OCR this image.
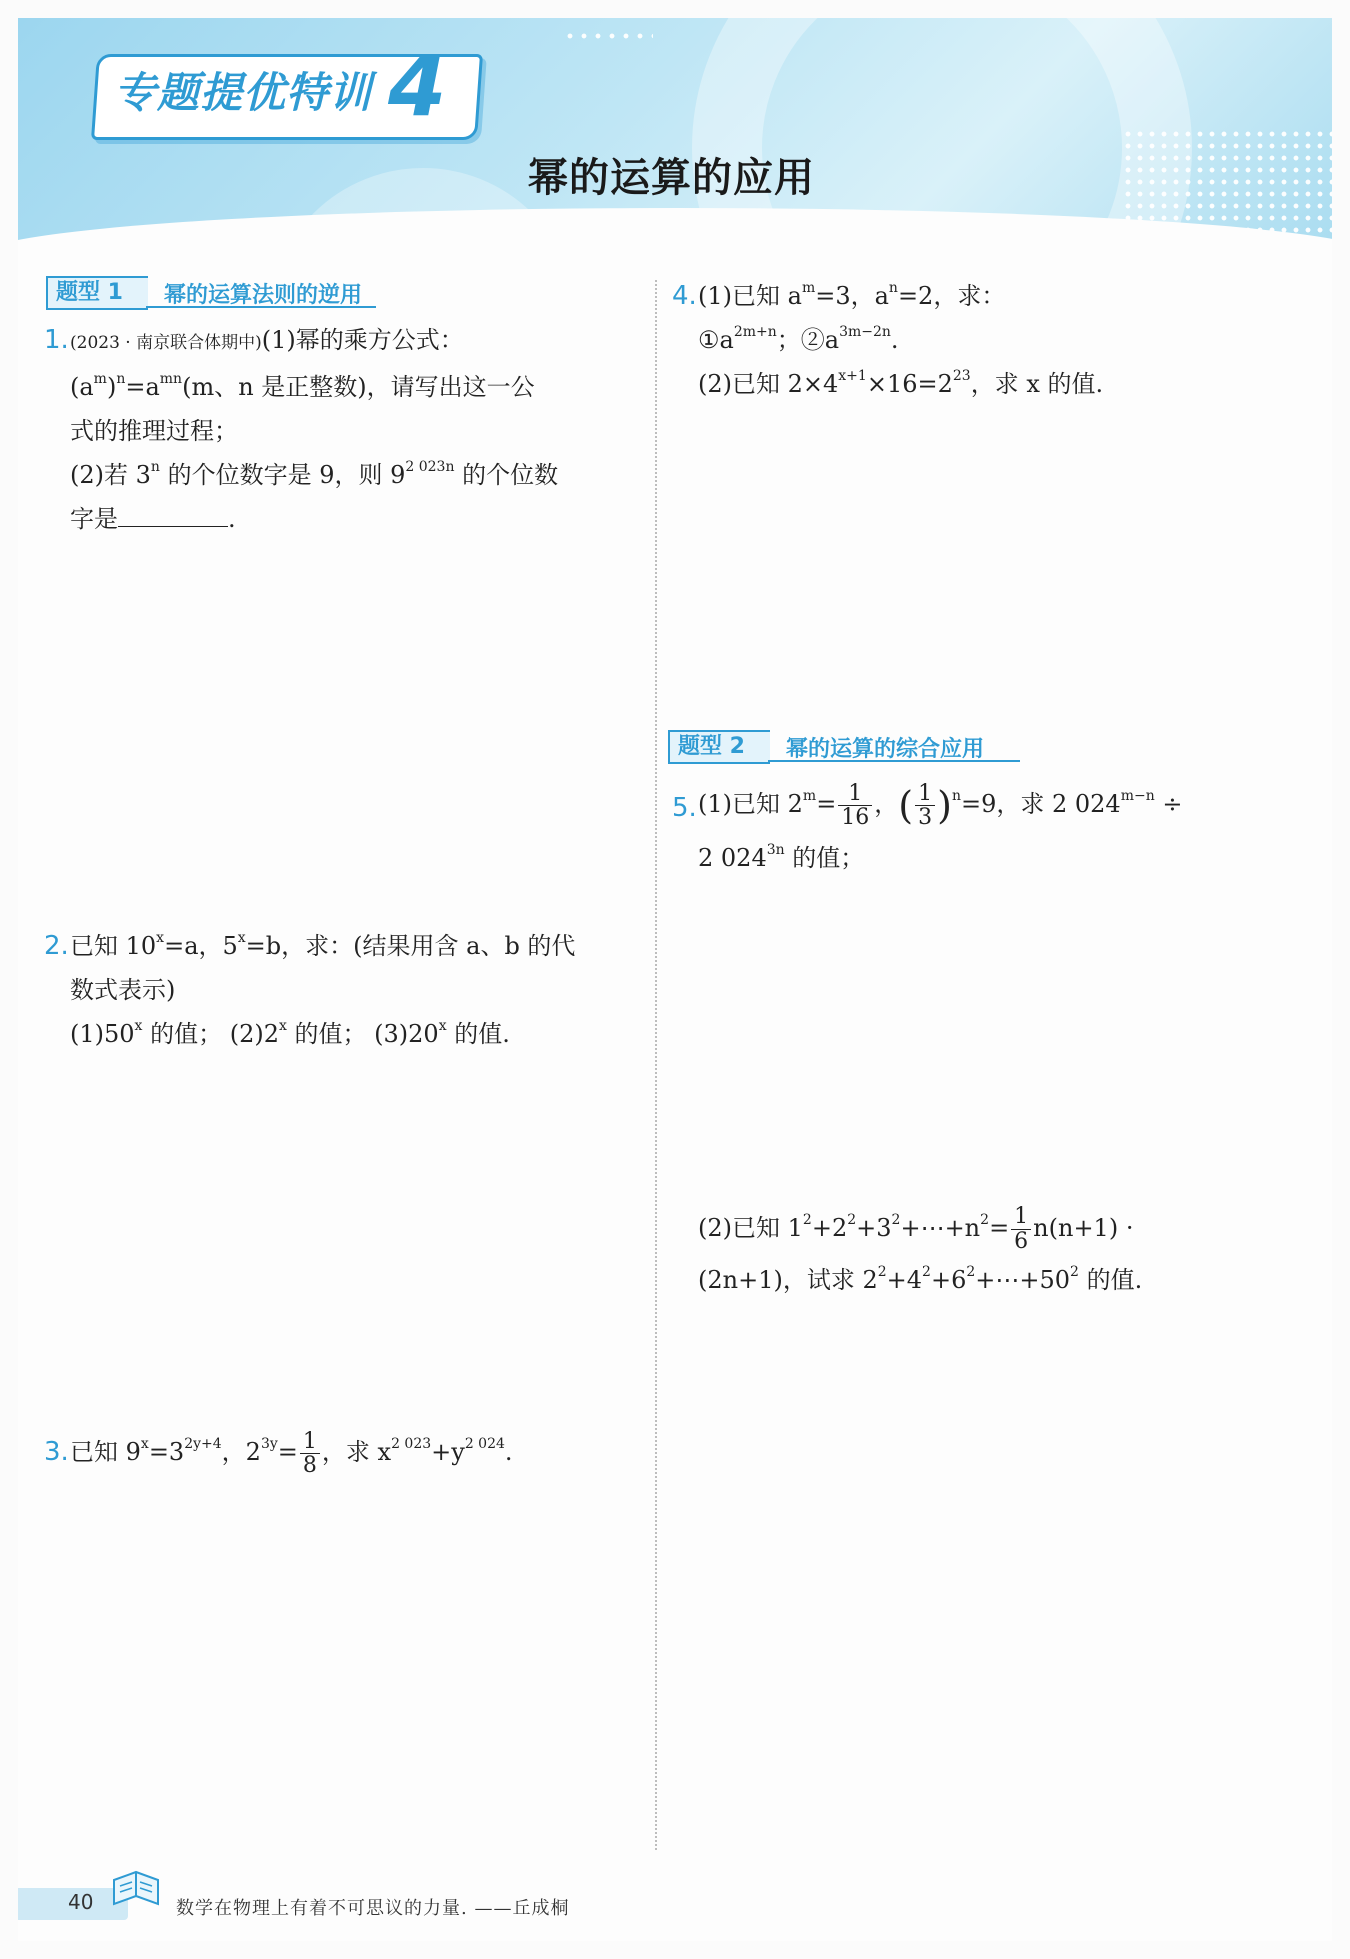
专题提优特训 4
幂的运算的应用
题型 1	幂的运算法则的逆用
1. (2023 · 南京联合体期中)(1)幂的乘方公式：
$(a^m)^n=a^{mn}(m$、n 是正整数)，请写出这一公
式的推理过程；
(2)若 3$^n$ 的个位数字是 9，则 $9^{2 023n}$ 的个位数
字是	.
2. 已知 $10^x=a$，$5^x=b$，求：(结果用含 a、b 的代
数式表示)
(1)50$^x$ 的值； (2)2$^x$ 的值； (3)20$^x$ 的值.
3. 已知 $9^x=3^{2y+4}$，$2^{3y}= \frac{1}{8}$ ，求 $x^{2 023}+y^{2 024}$.
4. (1)已知 $a^m=3$，$a^n=2$，求：
$①a^{2m+n}$；$②a^{3m-2n}$.
(2)已知 $2\times 4^{x+1}\times 16=2^{23}$，求 x 的值.
题型 2	幂的运算的综合应用
5. (1)已知 $2^m= \frac{1}{16}$ ，( $\frac{1}{3} )^n=9$，求 2 $024^{m-n}$ ÷
2 $024^{3n}$ 的值；
(2)已知 $1^2+2^2+3^2+\cdots+n^2= \frac{1}{6} n(n+1)$ ·
(2n+1)，试求 $2^2+4^2+6^2+\cdots+50^2$ 的值.
40	数学在物理上有着不可思议的力量. ——丘成桐
